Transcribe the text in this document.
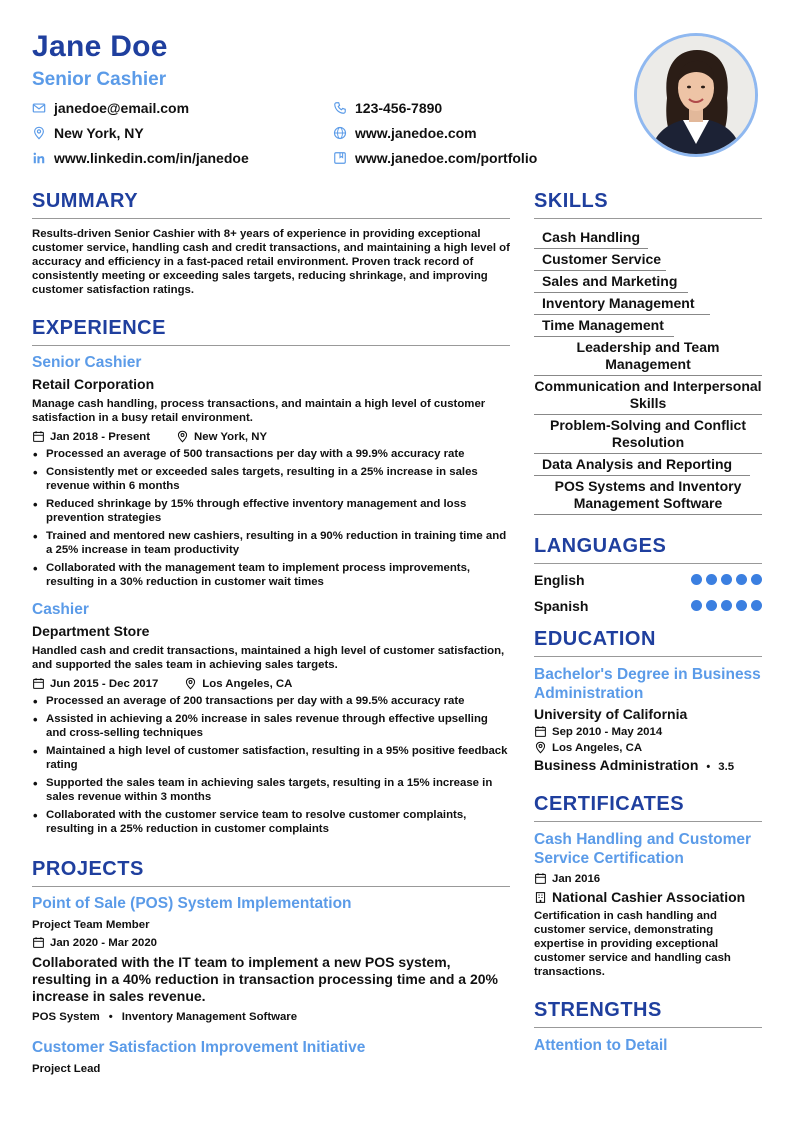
Jane Doe
Senior Cashier
janedoe@email.com	123-456-7890
New York, NY	www.janedoe.com
www.linkedin.com/in/janedoe	www.janedoe.com/portfolio
SUMMARY
Results-driven Senior Cashier with 8+ years of experience in providing exceptional customer service, handling cash and credit transactions, and maintaining a high level of accuracy and efficiency in a fast-paced retail environment. Proven track record of consistently meeting or exceeding sales targets, reducing shrinkage, and improving customer satisfaction ratings.
EXPERIENCE
Senior Cashier
Retail Corporation
Manage cash handling, process transactions, and maintain a high level of customer satisfaction in a busy retail environment.
Jan 2018 - Present	New York, NY
• Processed an average of 500 transactions per day with a 99.9% accuracy rate
• Consistently met or exceeded sales targets, resulting in a 25% increase in sales revenue within 6 months
• Reduced shrinkage by 15% through effective inventory management and loss prevention strategies
• Trained and mentored new cashiers, resulting in a 90% reduction in training time and a 25% increase in team productivity
• Collaborated with the management team to implement process improvements, resulting in a 30% reduction in customer wait times
Cashier
Department Store
Handled cash and credit transactions, maintained a high level of customer satisfaction, and supported the sales team in achieving sales targets.
Jun 2015 - Dec 2017	Los Angeles, CA
• Processed an average of 200 transactions per day with a 99.5% accuracy rate
• Assisted in achieving a 20% increase in sales revenue through effective upselling and cross-selling techniques
• Maintained a high level of customer satisfaction, resulting in a 95% positive feedback rating
• Supported the sales team in achieving sales targets, resulting in a 15% increase in sales revenue within 3 months
• Collaborated with the customer service team to resolve customer complaints, resulting in a 25% reduction in customer complaints
PROJECTS
Point of Sale (POS) System Implementation
Project Team Member
Jan 2020 - Mar 2020
Collaborated with the IT team to implement a new POS system, resulting in a 40% reduction in transaction processing time and a 20% increase in sales revenue.
POS System • Inventory Management Software
Customer Satisfaction Improvement Initiative
Project Lead
SKILLS
Cash Handling
Customer Service
Sales and Marketing
Inventory Management
Time Management
Leadership and Team Management
Communication and Interpersonal Skills
Problem-Solving and Conflict Resolution
Data Analysis and Reporting
POS Systems and Inventory Management Software
LANGUAGES
English
Spanish
EDUCATION
Bachelor's Degree in Business Administration
University of California
Sep 2010 - May 2014
Los Angeles, CA
Business Administration • 3.5
CERTIFICATES
Cash Handling and Customer Service Certification
Jan 2016
National Cashier Association
Certification in cash handling and customer service, demonstrating expertise in providing exceptional customer service and handling cash transactions.
STRENGTHS
Attention to Detail
